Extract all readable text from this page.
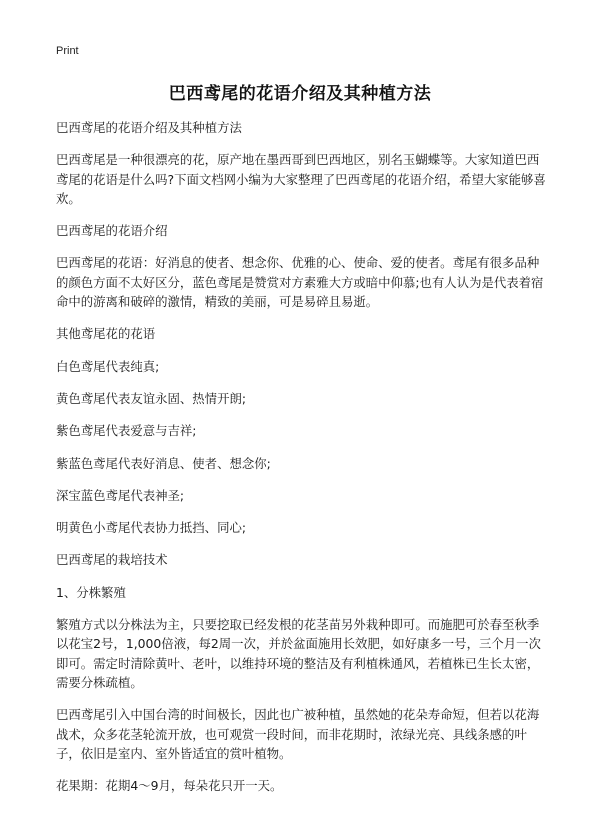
Print
巴西鸢尾的花语介绍及其种植方法

巴西鸢尾的花语介绍及其种植方法

巴西鸢尾是一种很漂亮的花，原产地在墨西哥到巴西地区，别名玉蝴蝶等。大家知道巴西鸢尾的花语是什么吗?下面文档网小编为大家整理了巴西鸢尾的花语介绍，希望大家能够喜欢。

巴西鸢尾的花语介绍

巴西鸢尾的花语：好消息的使者、想念你、优雅的心、使命、爱的使者。鸢尾有很多品种的颜色方面不太好区分，蓝色鸢尾是赞赏对方素雅大方或暗中仰慕;也有人认为是代表着宿命中的游离和破碎的激情，精致的美丽，可是易碎且易逝。

其他鸢尾花的花语

白色鸢尾代表纯真;

黄色鸢尾代表友谊永固、热情开朗;

紫色鸢尾代表爱意与吉祥;

紫蓝色鸢尾代表好消息、使者、想念你;

深宝蓝色鸢尾代表神圣;

明黄色小鸢尾代表协力抵挡、同心;

巴西鸢尾的栽培技术

1、分株繁殖

繁殖方式以分株法为主，只要挖取已经发根的花茎苗另外栽种即可。而施肥可於春至秋季以花宝2号，1,000倍液，每2周一次，并於盆面施用长效肥，如好康多一号，三个月一次即可。需定时清除黄叶、老叶，以维持环境的整洁及有利植株通风，若植株已生长太密，需要分株疏植。

巴西鸢尾引入中国台湾的时间极长，因此也广被种植，虽然她的花朵寿命短，但若以花海战术，众多花茎轮流开放，也可观赏一段时间，而非花期时，浓绿光亮、具线条感的叶子，依旧是室内、室外皆适宜的赏叶植物。

花果期：花期4～9月，每朵花只开一天。
